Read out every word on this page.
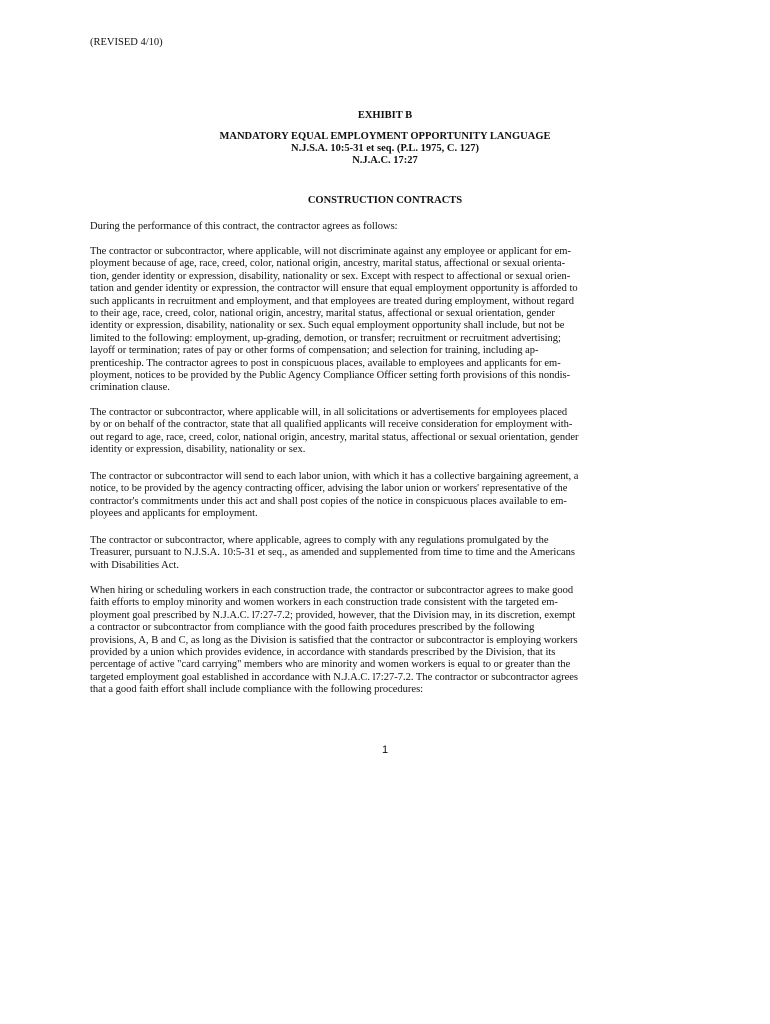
(REVISED 4/10)
EXHIBIT B
MANDATORY EQUAL EMPLOYMENT OPPORTUNITY LANGUAGE
N.J.S.A. 10:5-31 et seq. (P.L. 1975, C. 127)
N.J.A.C. 17:27
CONSTRUCTION CONTRACTS

During the performance of this contract, the contractor agrees as follows:

The contractor or subcontractor, where applicable, will not discriminate against any employee or applicant for em-
ployment because of age, race, creed, color, national origin, ancestry, marital status, affectional or sexual orienta-
tion, gender identity or expression, disability, nationality or sex. Except with respect to affectional or sexual orien-
tation and gender identity or expression, the contractor will ensure that equal employment opportunity is afforded to
such applicants in recruitment and employment, and that employees are treated during employment, without regard
to their age, race, creed, color, national origin, ancestry, marital status, affectional or sexual orientation, gender
identity or expression, disability, nationality or sex. Such equal employment opportunity shall include, but not be
limited to the following: employment, up-grading, demotion, or transfer; recruitment or recruitment advertising;
layoff or termination; rates of pay or other forms of compensation; and selection for training, including ap-
prenticeship. The contractor agrees to post in conspicuous places, available to employees and applicants for em-
ployment, notices to be provided by the Public Agency Compliance Officer setting forth provisions of this nondis-
crimination clause.

The contractor or subcontractor, where applicable will, in all solicitations or advertisements for employees placed
by or on behalf of the contractor, state that all qualified applicants will receive consideration for employment with-
out regard to age, race, creed, color, national origin, ancestry, marital status, affectional or sexual orientation, gender
identity or expression, disability, nationality or sex.

The contractor or subcontractor will send to each labor union, with which it has a collective bargaining agreement, a
notice, to be provided by the agency contracting officer, advising the labor union or workers' representative of the
contractor's commitments under this act and shall post copies of the notice in conspicuous places available to em-
ployees and applicants for employment.

The contractor or subcontractor, where applicable, agrees to comply with any regulations promulgated by the
Treasurer, pursuant to N.J.S.A. 10:5-31 et seq., as amended and supplemented from time to time and the Americans
with Disabilities Act.

When hiring or scheduling workers in each construction trade, the contractor or subcontractor agrees to make good
faith efforts to employ minority and women workers in each construction trade consistent with the targeted em-
ployment goal prescribed by N.J.A.C. l7:27-7.2; provided, however, that the Division may, in its discretion, exempt
a contractor or subcontractor from compliance with the good faith procedures prescribed by the following
provisions, A, B and C, as long as the Division is satisfied that the contractor or subcontractor is employing workers
provided by a union which provides evidence, in accordance with standards prescribed by the Division, that its
percentage of active "card carrying" members who are minority and women workers is equal to or greater than the
targeted employment goal established in accordance with N.J.A.C. l7:27-7.2. The contractor or subcontractor agrees
that a good faith effort shall include compliance with the following procedures:

1
